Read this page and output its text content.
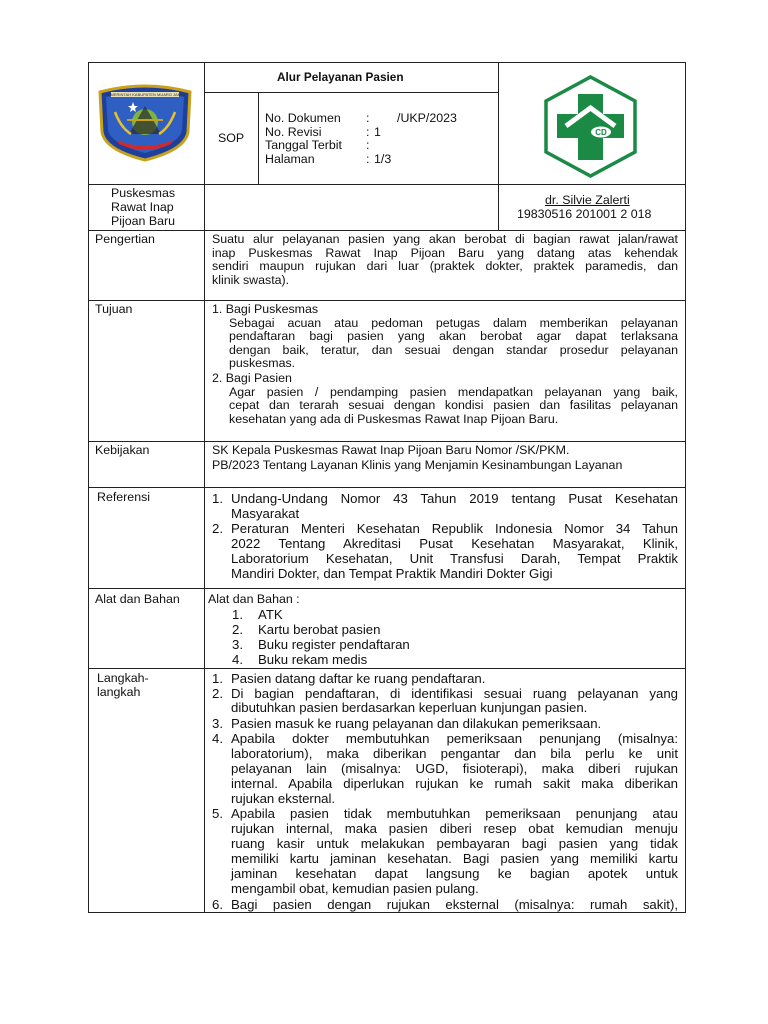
PEMERINTAH KABUPATEN MUARO JAMBI
Alur Pelayanan Pasien
SOP
No. Dokumen : /UKP/2023
No. Revisi	: 1
Tanggal Terbit :
Halaman	: 1/3
CD
Puskesmas
Rawat Inap
Pijoan Baru
dr. Silvie Zalerti
19830516 201001 2 018
Pengertian	Suatu alur pelayanan pasien yang akan berobat di bagian rawat jalan/rawat
inap Puskesmas Rawat Inap Pijoan Baru yang datang atas kehendak
sendiri maupun rujukan dari luar (praktek dokter, praktek paramedis, dan
klinik swasta).
Tujuan	1. Bagi Puskesmas
Sebagai acuan atau pedoman petugas dalam memberikan pelayanan
pendaftaran bagi pasien yang akan berobat agar dapat terlaksana
dengan baik, teratur, dan sesuai dengan standar prosedur pelayanan
puskesmas.
2. Bagi Pasien
Agar pasien / pendamping pasien mendapatkan pelayanan yang baik,
cepat dan terarah sesuai dengan kondisi pasien dan fasilitas pelayanan
kesehatan yang ada di Puskesmas Rawat Inap Pijoan Baru.
Kebijakan	SK Kepala Puskesmas Rawat Inap Pijoan Baru Nomor /SK/PKM.
PB/2023 Tentang Layanan Klinis yang Menjamin Kesinambungan Layanan
Referensi	1. Undang-Undang Nomor 43 Tahun 2019 tentang Pusat Kesehatan
Masyarakat
2. Peraturan Menteri Kesehatan Republik Indonesia Nomor 34 Tahun
2022 Tentang Akreditasi Pusat Kesehatan Masyarakat, Klinik,
Laboratorium Kesehatan, Unit Transfusi Darah, Tempat Praktik
Mandiri Dokter, dan Tempat Praktik Mandiri Dokter Gigi
Alat dan Bahan Alat dan Bahan :
1. ATK
2. Kartu berobat pasien
3. Buku register pendaftaran
4. Buku rekam medis
Langkah-
langkah
1. Pasien datang daftar ke ruang pendaftaran.
2. Di bagian pendaftaran, di identifikasi sesuai ruang pelayanan yang
dibutuhkan pasien berdasarkan keperluan kunjungan pasien.
3. Pasien masuk ke ruang pelayanan dan dilakukan pemeriksaan.
4. Apabila dokter membutuhkan pemeriksaan penunjang (misalnya:
laboratorium), maka diberikan pengantar dan bila perlu ke unit
pelayanan lain (misalnya: UGD, fisioterapi), maka diberi rujukan
internal. Apabila diperlukan rujukan ke rumah sakit maka diberikan
rujukan eksternal.
5. Apabila pasien tidak membutuhkan pemeriksaan penunjang atau
rujukan internal, maka pasien diberi resep obat kemudian menuju
ruang kasir untuk melakukan pembayaran bagi pasien yang tidak
memiliki kartu jaminan kesehatan. Bagi pasien yang memiliki kartu
jaminan kesehatan dapat langsung ke bagian apotek untuk
mengambil obat, kemudian pasien pulang.
6. Bagi pasien dengan rujukan eksternal (misalnya: rumah sakit),
